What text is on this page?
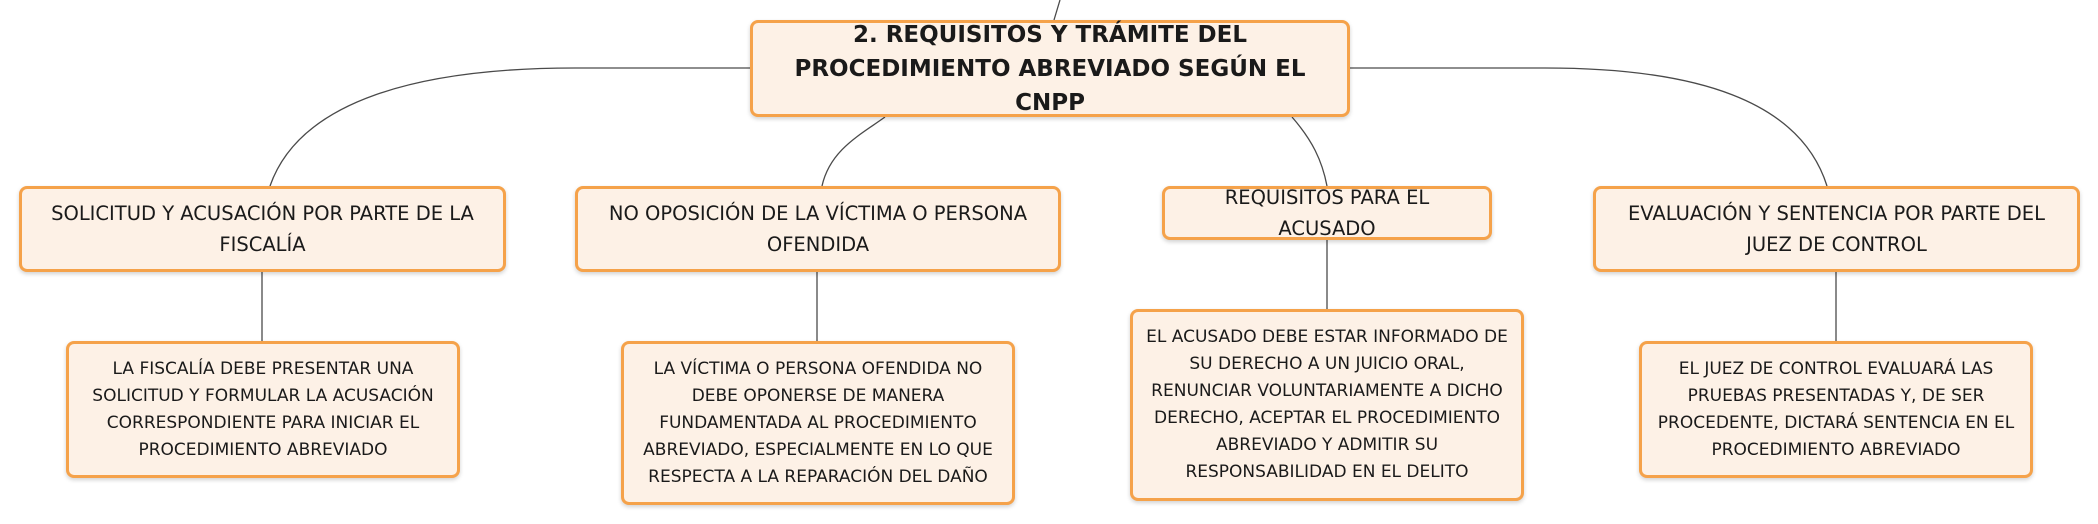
2. REQUISITOS Y TRÁMITE DEL PROCEDIMIENTO ABREVIADO SEGÚN EL CNPP
SOLICITUD Y ACUSACIÓN POR PARTE DE LA FISCALÍA
NO OPOSICIÓN DE LA VÍCTIMA O PERSONA OFENDIDA
REQUISITOS PARA EL ACUSADO
EVALUACIÓN Y SENTENCIA POR PARTE DEL JUEZ DE CONTROL
LA FISCALÍA DEBE PRESENTAR UNA SOLICITUD Y FORMULAR LA ACUSACIÓN CORRESPONDIENTE PARA INICIAR EL PROCEDIMIENTO ABREVIADO
LA VÍCTIMA O PERSONA OFENDIDA NO DEBE OPONERSE DE MANERA FUNDAMENTADA AL PROCEDIMIENTO ABREVIADO, ESPECIALMENTE EN LO QUE RESPECTA A LA REPARACIÓN DEL DAÑO
EL ACUSADO DEBE ESTAR INFORMADO DE SU DERECHO A UN JUICIO ORAL, RENUNCIAR VOLUNTARIAMENTE A DICHO DERECHO, ACEPTAR EL PROCEDIMIENTO ABREVIADO Y ADMITIR SU RESPONSABILIDAD EN EL DELITO
EL JUEZ DE CONTROL EVALUARÁ LAS PRUEBAS PRESENTADAS Y, DE SER PROCEDENTE, DICTARÁ SENTENCIA EN EL PROCEDIMIENTO ABREVIADO
